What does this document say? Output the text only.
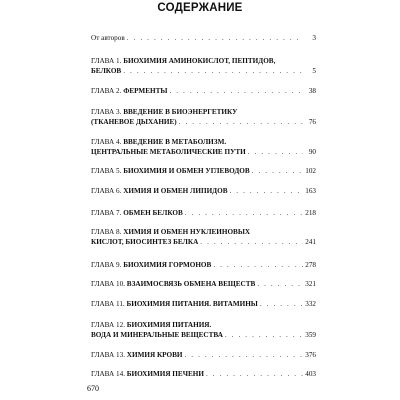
СОДЕРЖАНИЕ
От авторов . . .	3
ГЛАВА 1.
БИОХИМИЯ АМИНОКИСЛОТ, ПЕПТИДОВ,
БЕЛКОВ . . .	5
ГЛАВА 2.
ФЕРМЕНТЫ . . .	38
ГЛАВА 3.
ВВЕДЕНИЕ В БИОЭНЕРГЕТИКУ
(ТКАНЕВОЕ ДЫХАНИЕ) . . .	76
ГЛАВА 4.
ВВЕДЕНИЕ В МЕТАБОЛИЗМ.
ЦЕНТРАЛЬНЫЕ МЕТАБОЛИЧЕСКИЕ ПУТИ . . .	90
ГЛАВА 5.
БИОХИМИЯ И ОБМЕН УГЛЕВОДОВ . . .	102
ГЛАВА 6.
ХИМИЯ И ОБМЕН ЛИПИДОВ . . .	163
ГЛАВА 7.
ОБМЕН БЕЛКОВ . . .	218
ГЛАВА 8.
ХИМИЯ И ОБМЕН НУКЛЕИНОВЫХ
КИСЛОТ, БИОСИНТЕЗ БЕЛКА . . .	241
ГЛАВА 9.
БИОХИМИЯ ГОРМОНОВ . . .	278
ГЛАВА 10.
ВЗАИМОСВЯЗЬ ОБМЕНА ВЕЩЕСТВ . . .	321
ГЛАВА 11.
БИОХИМИЯ ПИТАНИЯ. ВИТАМИНЫ . . .	332
ГЛАВА 12.
БИОХИМИЯ ПИТАНИЯ.
ВОДА И МИНЕРАЛЬНЫЕ ВЕЩЕСТВА . . .	359
ГЛАВА 13.
ХИМИЯ КРОВИ . . .	376
ГЛАВА 14.
БИОХИМИЯ ПЕЧЕНИ . . .	403
670
